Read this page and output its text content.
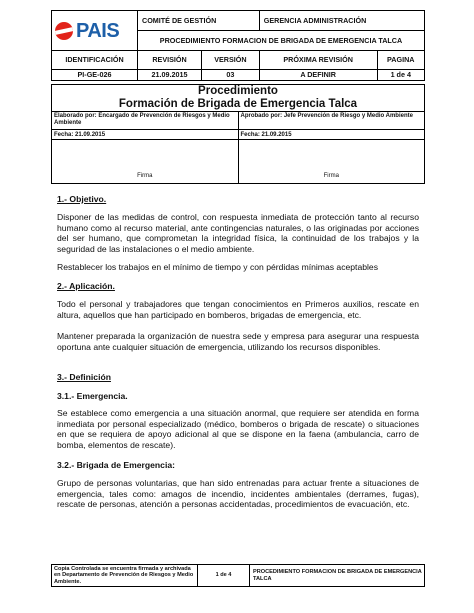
PAIS	COMITÉ DE GESTIÓN		GERENCIA ADMINISTRACIÓN	
	PROCEDIMIENTO FORMACION DE BRIGADA DE EMERGENCIA TALCA			
IDENTIFICACIÓN	REVISIÓN	VERSIÓN	PRÓXIMA REVISIÓN	PAGINA
PI-GE-026	21.09.2015	03	A DEFINIR	1 de 4
Procedimiento	
Formación de Brigada de Emergencia Talca	
Elaborado por: Encargado de Prevención de Riesgos y Medio Ambiente	Aprobado por: Jefe Prevención de Riesgo y Medio Ambiente
Fecha: 21.09.2015	Fecha: 21.09.2015
Firma	Firma
1.- Objetivo.
Disponer de las medidas de control, con respuesta inmediata de protección tanto al recurso humano como al recurso material, ante contingencias naturales, o las originadas por acciones del ser humano, que comprometan la integridad física, la continuidad de los trabajos y la seguridad de las instalaciones o el medio ambiente.
Restablecer los trabajos en el mínimo de tiempo y con pérdidas mínimas aceptables
2.- Aplicación.
Todo el personal y trabajadores que tengan conocimientos en Primeros auxilios, rescate en altura, aquellos que han participado en bomberos, brigadas de emergencia, etc.
Mantener preparada la organización de nuestra sede y empresa para asegurar una respuesta oportuna ante cualquier situación de emergencia, utilizando los recursos disponibles.
3.- Definición
3.1.- Emergencia.
Se establece como emergencia a una situación anormal, que requiere ser atendida en forma inmediata por personal especializado (médico, bomberos o brigada de rescate) o situaciones en que se requiera de apoyo adicional al que se dispone en la faena (ambulancia, carro de bomba, elementos de rescate).
3.2.- Brigada de Emergencia:
Grupo de personas voluntarias, que han sido entrenadas para actuar frente a situaciones de emergencia, tales como: amagos de incendio, incidentes ambientales (derrames, fugas), rescate de personas, atención a personas accidentadas, procedimientos de evacuación, etc.
Copia Controlada se encuentra firmada y archivada en Departamento de Prevención de Riesgos y Medio Ambiente.	1 de 4	PROCEDIMIENTO FORMACION DE BRIGADA DE EMERGENCIA TALCA
